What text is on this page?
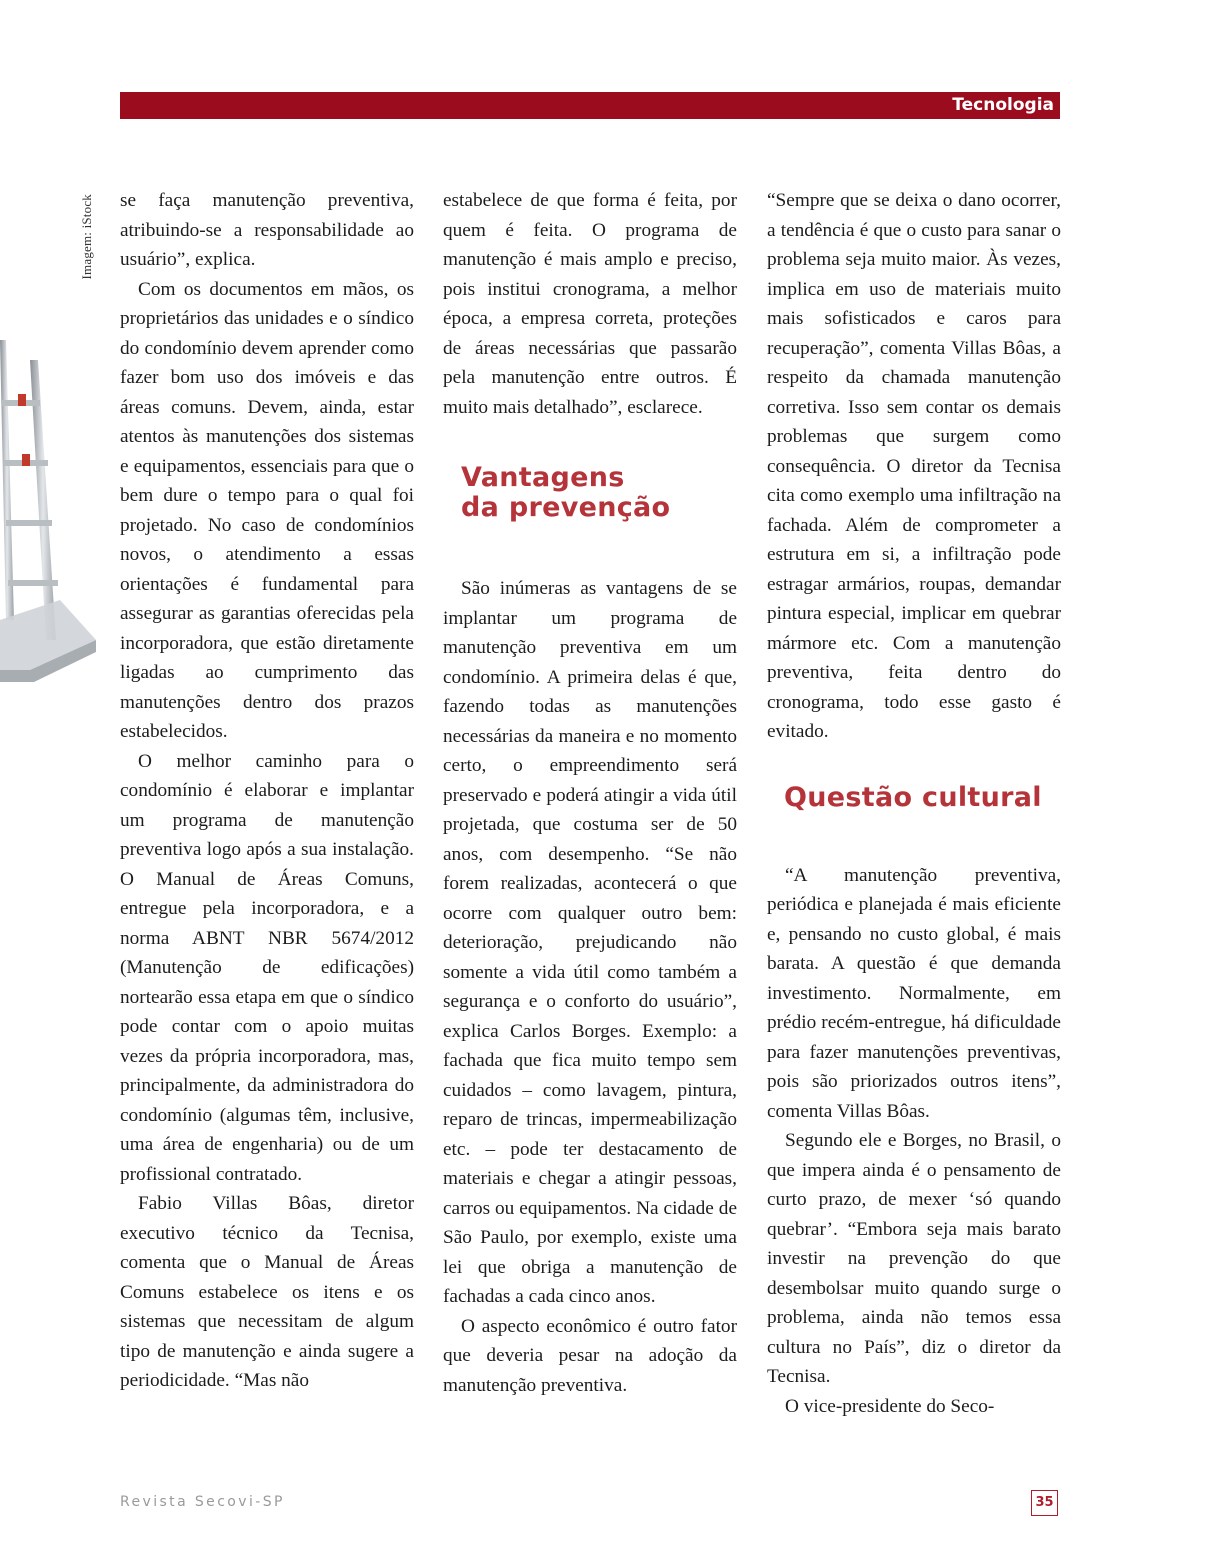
Tecnologia
Imagem: iStock se faça manutenção preventiva, atribuindo-se a responsabilidade ao usuário”, explica.

Com os documentos em mãos, os proprietários das unidades e o síndico do condomínio devem aprender como fazer bom uso dos imóveis e das áreas comuns. Devem, ainda, estar atentos às manutenções dos sistemas e equipamentos, essenciais para que o bem dure o tempo para o qual foi projetado. No caso de condomínios novos, o atendimento a essas orientações é fundamental para assegurar as garantias oferecidas pela incorporadora, que estão diretamente ligadas ao cumprimento das manutenções dentro dos prazos estabelecidos.

O melhor caminho para o condomínio é elaborar e implantar um programa de manutenção preventiva logo após a sua instalação. O Manual de Áreas Comuns, entregue pela incorporadora, e a norma ABNT NBR 5674/2012 (Manutenção de edificações) nortearão essa etapa em que o síndico pode contar com o apoio muitas vezes da própria incorporadora, mas, principalmente, da administradora do condomínio (algumas têm, inclusive, uma área de engenharia) ou de um profissional contratado.

Fabio Villas Bôas, diretor executivo técnico da Tecnisa, comenta que o Manual de Áreas Comuns estabelece os itens e os sistemas que necessitam de algum tipo de manutenção e ainda sugere a periodicidade. “Mas não

estabelece de que forma é feita, por quem é feita. O programa de manutenção é mais amplo e preciso, pois institui cronograma, a melhor época, a empresa correta, proteções de áreas necessárias que passarão pela manutenção entre outros. É muito mais detalhado”, esclarece.

Vantagens
da prevenção

São inúmeras as vantagens de se implantar um programa de manutenção preventiva em um condomínio. A primeira delas é que, fazendo todas as manutenções necessárias da maneira e no momento certo, o empreendimento será preservado e poderá atingir a vida útil projetada, que costuma ser de 50 anos, com desempenho. “Se não forem realizadas, acontecerá o que ocorre com qualquer outro bem: deterioração, prejudicando não somente a vida útil como também a segurança e o conforto do usuário”, explica Carlos Borges. Exemplo: a fachada que fica muito tempo sem cuidados – como lavagem, pintura, reparo de trincas, impermeabilização etc. – pode ter destacamento de materiais e chegar a atingir pessoas, carros ou equipamentos. Na cidade de São Paulo, por exemplo, existe uma lei que obriga a manutenção de fachadas a cada cinco anos.

O aspecto econômico é outro fator que deveria pesar na adoção da manutenção preventiva.

“Sempre que se deixa o dano ocorrer, a tendência é que o custo para sanar o problema seja muito maior. Às vezes, implica em uso de materiais muito mais sofisticados e caros para recuperação”, comenta Villas Bôas, a respeito da chamada manutenção corretiva. Isso sem contar os demais problemas que surgem como consequência. O diretor da Tecnisa cita como exemplo uma infiltração na fachada. Além de comprometer a estrutura em si, a infiltração pode estragar armários, roupas, demandar pintura especial, implicar em quebrar mármore etc. Com a manutenção preventiva, feita dentro do cronograma, todo esse gasto é evitado.

Questão cultural

“A manutenção preventiva, periódica e planejada é mais eficiente e, pensando no custo global, é mais barata. A questão é que demanda investimento. Normalmente, em prédio recém-entregue, há dificuldade para fazer manutenções preventivas, pois são priorizados outros itens”, comenta Villas Bôas.

Segundo ele e Borges, no Brasil, o que impera ainda é o pensamento de curto prazo, de mexer ‘só quando quebrar’. “Embora seja mais barato investir na prevenção do que desembolsar muito quando surge o problema, ainda não temos essa cultura no País”, diz o diretor da Tecnisa.

O vice-presidente do Seco-

Revista Secovi-SP	35
